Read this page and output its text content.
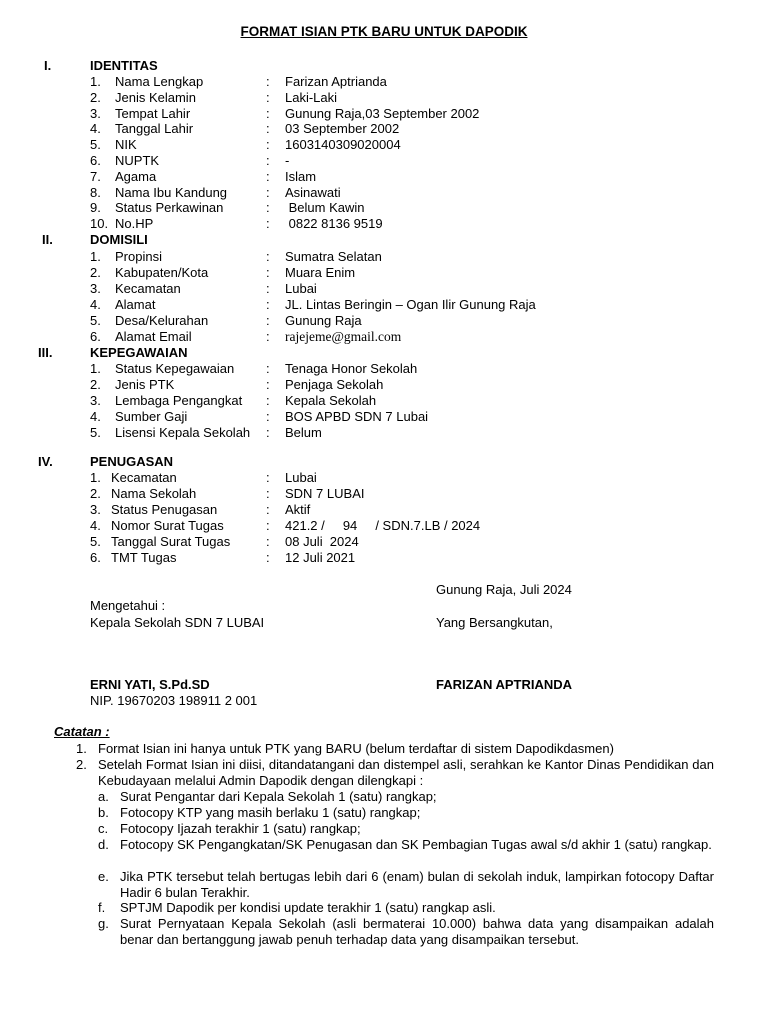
FORMAT ISIAN PTK BARU UNTUK DAPODIK
I.	IDENTITAS
1. Nama Lengkap	: Farizan Aptrianda
2. Jenis Kelamin	: Laki-Laki
3. Tempat Lahir	: Gunung Raja,03 September 2002
4. Tanggal Lahir	: 03 September 2002
5. NIK	: 1603140309020004
6. NUPTK	: -
7. Agama	: Islam
8. Nama Ibu Kandung	: Asinawati
9. Status Perkawinan	: Belum Kawin
10. No.HP	: 0822 8136 9519
II.	DOMISILI
1. Propinsi	: Sumatra Selatan
2. Kabupaten/Kota	: Muara Enim
3. Kecamatan	: Lubai
4. Alamat	: JL. Lintas Beringin – Ogan Ilir Gunung Raja
5. Desa/Kelurahan	: Gunung Raja
6. Alamat Email	: rajejeme@gmail.com
III.	KEPEGAWAIAN
1. Status Kepegawaian : Tenaga Honor Sekolah
2. Jenis PTK	: Penjaga Sekolah
3. Lembaga Pengangkat : Kepala Sekolah
4. Sumber Gaji	: BOS APBD SDN 7 Lubai
5. Lisensi Kepala Sekolah : Belum
IV.	PENUGASAN
1. Kecamatan	: Lubai
2. Nama Sekolah	: SDN 7 LUBAI
3. Status Penugasan	: Aktif
4. Nomor Surat Tugas	: 421.2 /     94     / SDN.7.LB / 2024
5. Tanggal Surat Tugas	: 08 Juli  2024
6. TMT Tugas	: 12 Juli 2021
Gunung Raja, Juli 2024
Mengetahui :
Kepala Sekolah SDN 7 LUBAI	Yang Bersangkutan,
ERNI YATI, S.Pd.SD	FARIZAN APTRIANDA
NIP. 19670203 198911 2 001
Catatan :
1. Format Isian ini hanya untuk PTK yang BARU (belum terdaftar di sistem Dapodikdasmen)
2. Setelah Format Isian ini diisi, ditandatangani dan distempel asli, serahkan ke Kantor Dinas Pendidikan dan Kebudayaan melalui Admin Dapodik dengan dilengkapi :
a. Surat Pengantar dari Kepala Sekolah 1 (satu) rangkap;
b. Fotocopy KTP yang masih berlaku 1 (satu) rangkap;
c. Fotocopy Ijazah terakhir 1 (satu) rangkap;
d. Fotocopy SK Pengangkatan/SK Penugasan dan SK Pembagian Tugas awal s/d akhir 1 (satu) rangkap.
e. Jika PTK tersebut telah bertugas lebih dari 6 (enam) bulan di sekolah induk, lampirkan fotocopy Daftar Hadir 6 bulan Terakhir.
f. SPTJM Dapodik per kondisi update terakhir 1 (satu) rangkap asli.
g. Surat Pernyataan Kepala Sekolah (asli bermaterai 10.000) bahwa data yang disampaikan adalah benar dan bertanggung jawab penuh terhadap data yang disampaikan tersebut.
